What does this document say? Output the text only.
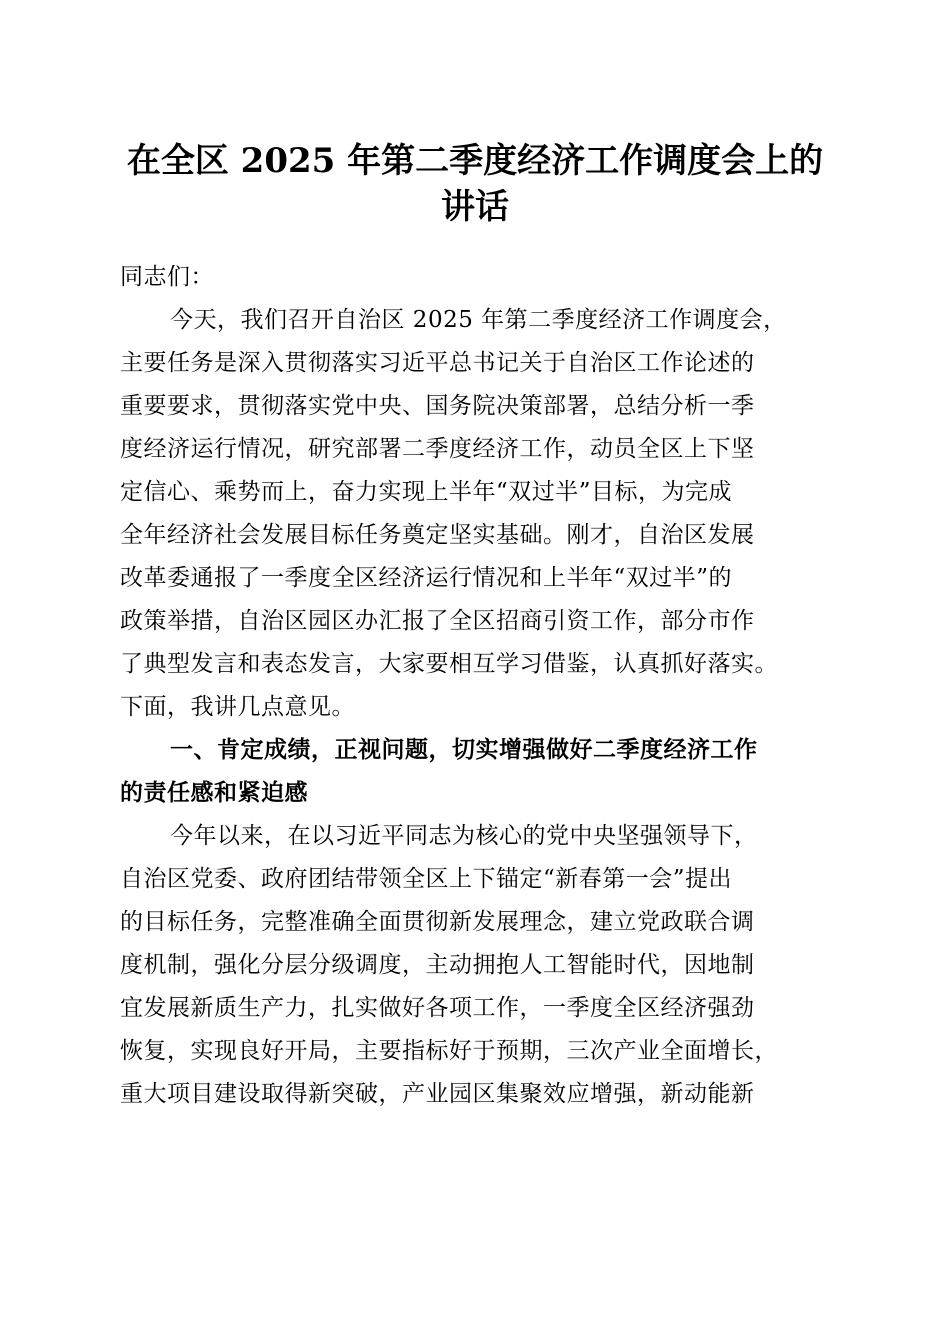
在全区 2025 年第二季度经济工作调度会上的
讲话
同志们：
今天，我们召开自治区 2025 年第二季度经济工作调度会，
主要任务是深入贯彻落实习近平总书记关于自治区工作论述的
重要要求，贯彻落实党中央、国务院决策部署，总结分析一季
度经济运行情况，研究部署二季度经济工作，动员全区上下坚
定信心、乘势而上，奋力实现上半年“双过半”目标，为完成
全年经济社会发展目标任务奠定坚实基础。刚才，自治区发展
改革委通报了一季度全区经济运行情况和上半年“双过半”的
政策举措，自治区园区办汇报了全区招商引资工作，部分市作
了典型发言和表态发言，大家要相互学习借鉴，认真抓好落实。
下面，我讲几点意见。
一、肯定成绩，正视问题，切实增强做好二季度经济工作
的责任感和紧迫感
今年以来，在以习近平同志为核心的党中央坚强领导下，
自治区党委、政府团结带领全区上下锚定“新春第一会”提出
的目标任务，完整准确全面贯彻新发展理念，建立党政联合调
度机制，强化分层分级调度，主动拥抱人工智能时代，因地制
宜发展新质生产力，扎实做好各项工作，一季度全区经济强劲
恢复，实现良好开局，主要指标好于预期，三次产业全面增长，
重大项目建设取得新突破，产业园区集聚效应增强，新动能新
